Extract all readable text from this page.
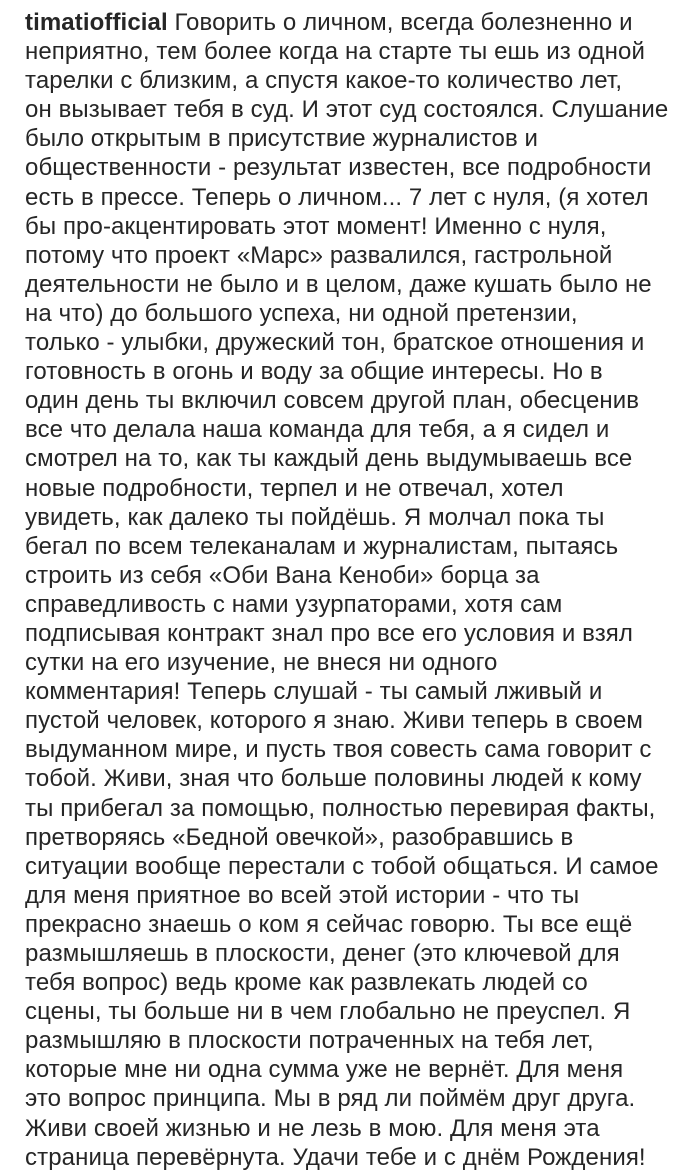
timatiofficial Говорить о личном, всегда болезненно и
неприятно, тем более когда на старте ты ешь из одной
тарелки с близким, а спустя какое-то количество лет,
он вызывает тебя в суд. И этот суд состоялся. Слушание
было открытым в присутствие журналистов и
общественности - результат известен, все подробности
есть в прессе. Теперь о личном... 7 лет с нуля, (я хотел
бы про-акцентировать этот момент! Именно с нуля,
потому что проект «Марс» развалился, гастрольной
деятельности не было и в целом, даже кушать было не
на что) до большого успеха, ни одной претензии,
только - улыбки, дружеский тон, братское отношения и
готовность в огонь и воду за общие интересы. Но в
один день ты включил совсем другой план, обесценив
все что делала наша команда для тебя, а я сидел и
смотрел на то, как ты каждый день выдумываешь все
новые подробности, терпел и не отвечал, хотел
увидеть, как далеко ты пойдёшь. Я молчал пока ты
бегал по всем телеканалам и журналистам, пытаясь
строить из себя «Оби Вана Кеноби» борца за
справедливость с нами узурпаторами, хотя сам
подписывая контракт знал про все его условия и взял
сутки на его изучение, не внеся ни одного
комментария! Теперь слушай - ты самый лживый и
пустой человек, которого я знаю. Живи теперь в своем
выдуманном мире, и пусть твоя совесть сама говорит с
тобой. Живи, зная что больше половины людей к кому
ты прибегал за помощью, полностью перевирая факты,
претворяясь «Бедной овечкой», разобравшись в
ситуации вообще перестали с тобой общаться. И самое
для меня приятное во всей этой истории - что ты
прекрасно знаешь о ком я сейчас говорю. Ты все ещё
размышляешь в плоскости, денег (это ключевой для
тебя вопрос) ведь кроме как развлекать людей со
сцены, ты больше ни в чем глобально не преуспел. Я
размышляю в плоскости потраченных на тебя лет,
которые мне ни одна сумма уже не вернёт. Для меня
это вопрос принципа. Мы в ряд ли поймём друг друга.
Живи своей жизнью и не лезь в мою. Для меня эта
страница перевёрнута. Удачи тебе и с днём Рождения!
